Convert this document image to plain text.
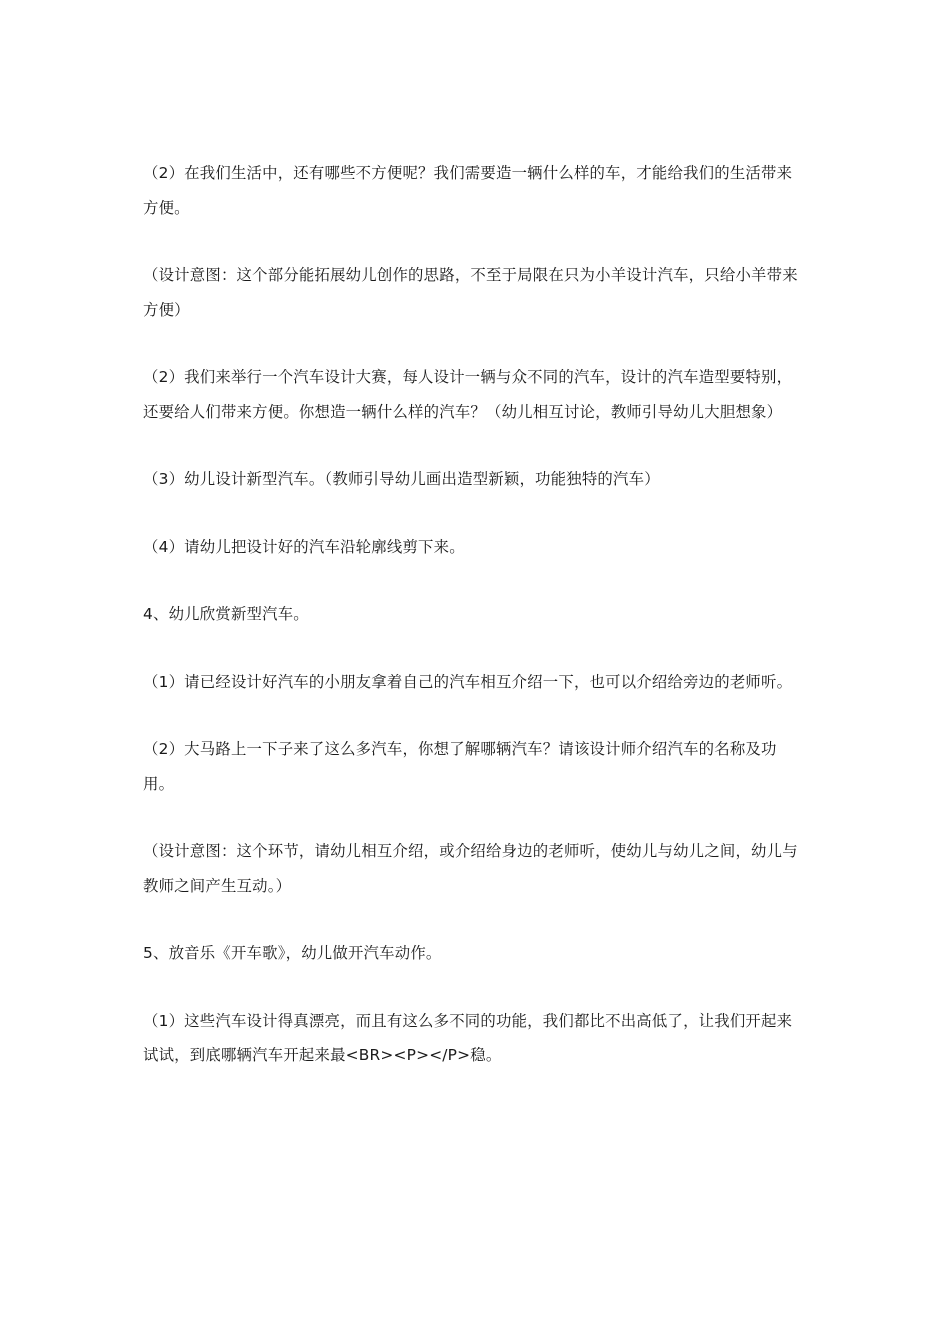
（2）在我们生活中，还有哪些不方便呢？我们需要造一辆什么样的车，才能给我们的生活带来方便。

（设计意图：这个部分能拓展幼儿创作的思路，不至于局限在只为小羊设计汽车，只给小羊带来方便）

（2）我们来举行一个汽车设计大赛，每人设计一辆与众不同的汽车，设计的汽车造型要特别，还要给人们带来方便。你想造一辆什么样的汽车？（幼儿相互讨论，教师引导幼儿大胆想象）

（3）幼儿设计新型汽车。（教师引导幼儿画出造型新颖，功能独特的汽车）

（4）请幼儿把设计好的汽车沿轮廓线剪下来。

4、幼儿欣赏新型汽车。

（1）请已经设计好汽车的小朋友拿着自己的汽车相互介绍一下，也可以介绍给旁边的老师听。

（2）大马路上一下子来了这么多汽车，你想了解哪辆汽车？请该设计师介绍汽车的名称及功用。

（设计意图：这个环节，请幼儿相互介绍，或介绍给身边的老师听，使幼儿与幼儿之间，幼儿与教师之间产生互动。）

5、放音乐《开车歌》，幼儿做开汽车动作。

（1）这些汽车设计得真漂亮，而且有这么多不同的功能，我们都比不出高低了，让我们开起来试试，到底哪辆汽车开起来最<BR><P></P>稳。
